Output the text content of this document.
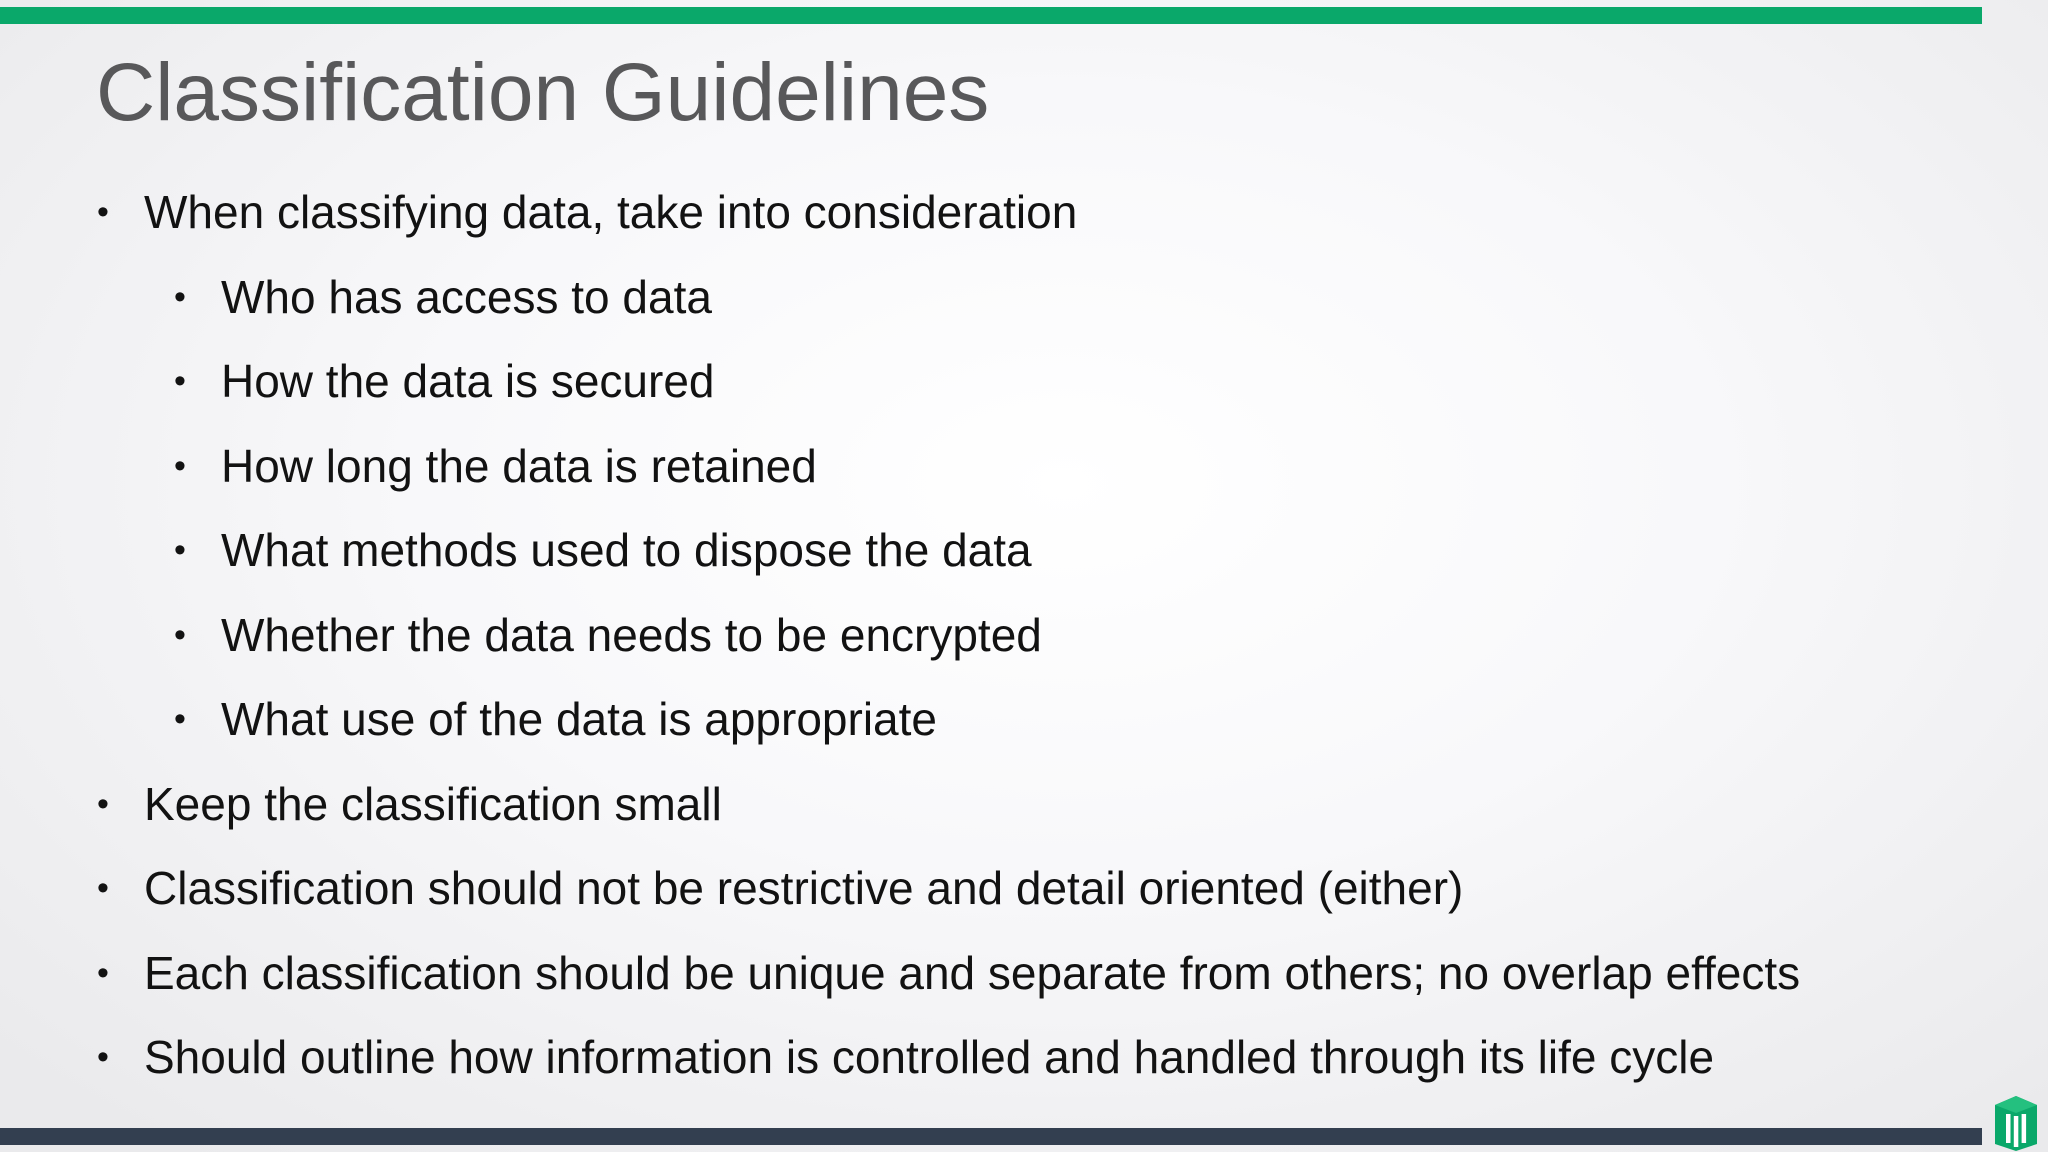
Classification Guidelines
• When classifying data, take into consideration
• Who has access to data
• How the data is secured
• How long the data is retained
• What methods used to dispose the data
• Whether the data needs to be encrypted
• What use of the data is appropriate
• Keep the classification small
• Classification should not be restrictive and detail oriented (either)
• Each classification should be unique and separate from others; no overlap effects
• Should outline how information is controlled and handled through its life cycle
